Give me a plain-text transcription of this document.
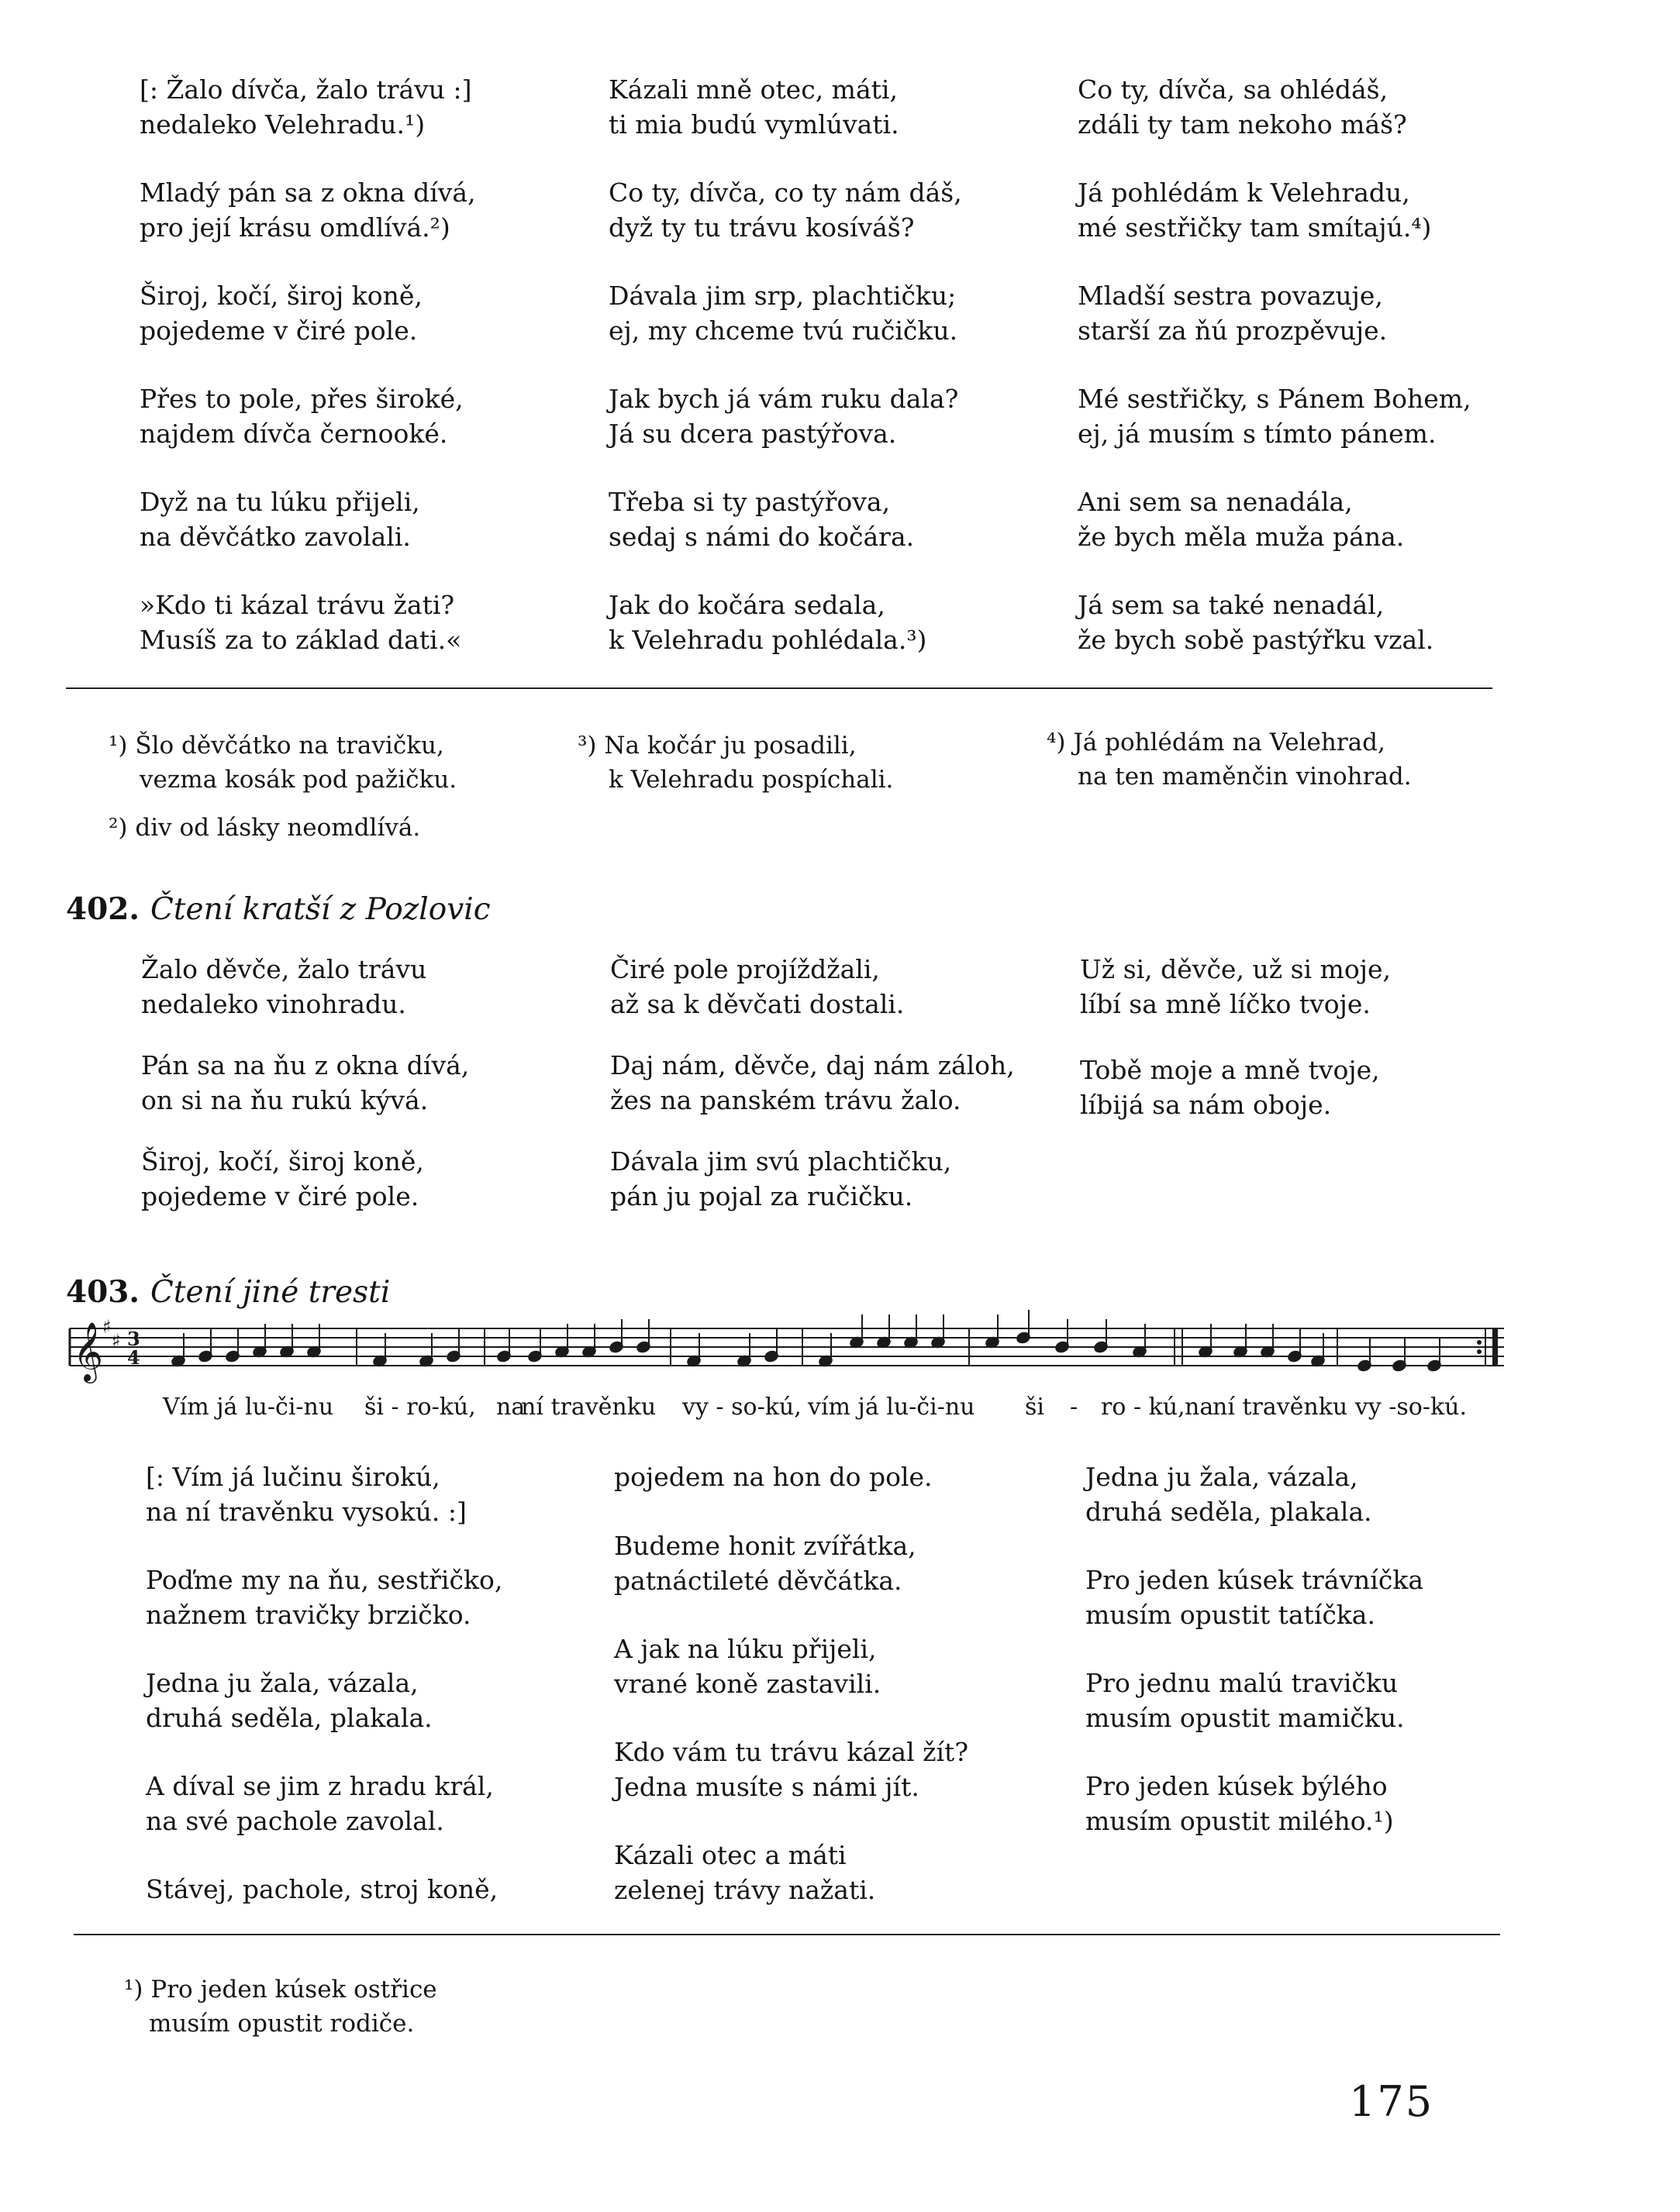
[: Žalo dívča, žalo trávu :]
nedaleko Velehradu.¹)
Mladý pán sa z okna dívá,
pro její krásu omdlívá.²)
Široj, kočí, široj koně,
pojedeme v čiré pole.
Přes to pole, přes široké,
najdem dívča černooké.
Dyž na tu lúku přijeli,
na děvčátko zavolali.
»Kdo ti kázal trávu žati?
Musíš za to základ dati.«
Kázali mně otec, máti,
ti mia budú vymlúvati.
Co ty, dívča, co ty nám dáš,
dyž ty tu trávu kosíváš?
Dávala jim srp, plachtičku;
ej, my chceme tvú ručičku.
Jak bych já vám ruku dala?
Já su dcera pastýřova.
Třeba si ty pastýřova,
sedaj s námi do kočára.
Jak do kočára sedala,
k Velehradu pohlédala.³)
Co ty, dívča, sa ohlédáš,
zdáli ty tam nekoho máš?
Já pohlédám k Velehradu,
mé sestřičky tam smítajú.⁴)
Mladší sestra povazuje,
starší za ňú prozpěvuje.
Mé sestřičky, s Pánem Bohem,
ej, já musím s tímto pánem.
Ani sem sa nenadála,
že bych měla muža pána.
Já sem sa také nenadál,
že bych sobě pastýřku vzal.
¹) Šlo děvčátko na travičku,
vezma kosák pod pažičku.
²) div od lásky neomdlívá.
³) Na kočár ju posadili,
k Velehradu pospíchali.
⁴) Já pohlédám na Velehrad,
na ten maměnčin vinohrad.
402. Čtení kratší z Pozlovic
Žalo děvče, žalo trávu
nedaleko vinohradu.
Pán sa na ňu z okna dívá,
on si na ňu rukú kývá.
Široj, kočí, široj koně,
pojedeme v čiré pole.
Čiré pole projíždžali,
až sa k děvčati dostali.
Daj nám, děvče, daj nám záloh,
žes na panském trávu žalo.
Dávala jim svú plachtičku,
pán ju pojal za ručičku.
Už si, děvče, už si moje,
líbí sa mně líčko tvoje.
Tobě moje a mně tvoje,
líbijá sa nám oboje.
403. Čtení jiné tresti
𝄞
♯
♯ 3
4
Vím já lu-či-nu ši - ro-kú, na
ní travěnku vy - so-kú, vím já lu-či-nu ši - ro - kú, na
ní travěnku vy -so-kú.
[: Vím já lučinu širokú,
na ní travěnku vysokú. :]
Poďme my na ňu, sestřičko,
nažnem travičky brzičko.
Jedna ju žala, vázala,
druhá seděla, plakala.
A díval se jim z hradu král,
na své pachole zavolal.
Stávej, pachole, stroj koně,
pojedem na hon do pole.
Budeme honit zvířátka,
patnáctileté děvčátka.
A jak na lúku přijeli,
vrané koně zastavili.
Kdo vám tu trávu kázal žít?
Jedna musíte s námi jít.
Kázali otec a máti
zelenej trávy nažati.
Jedna ju žala, vázala,
druhá seděla, plakala.
Pro jeden kúsek trávníčka
musím opustit tatíčka.
Pro jednu malú travičku
musím opustit mamičku.
Pro jeden kúsek býlého
musím opustit milého.¹)
¹) Pro jeden kúsek ostřice
musím opustit rodiče.
175
